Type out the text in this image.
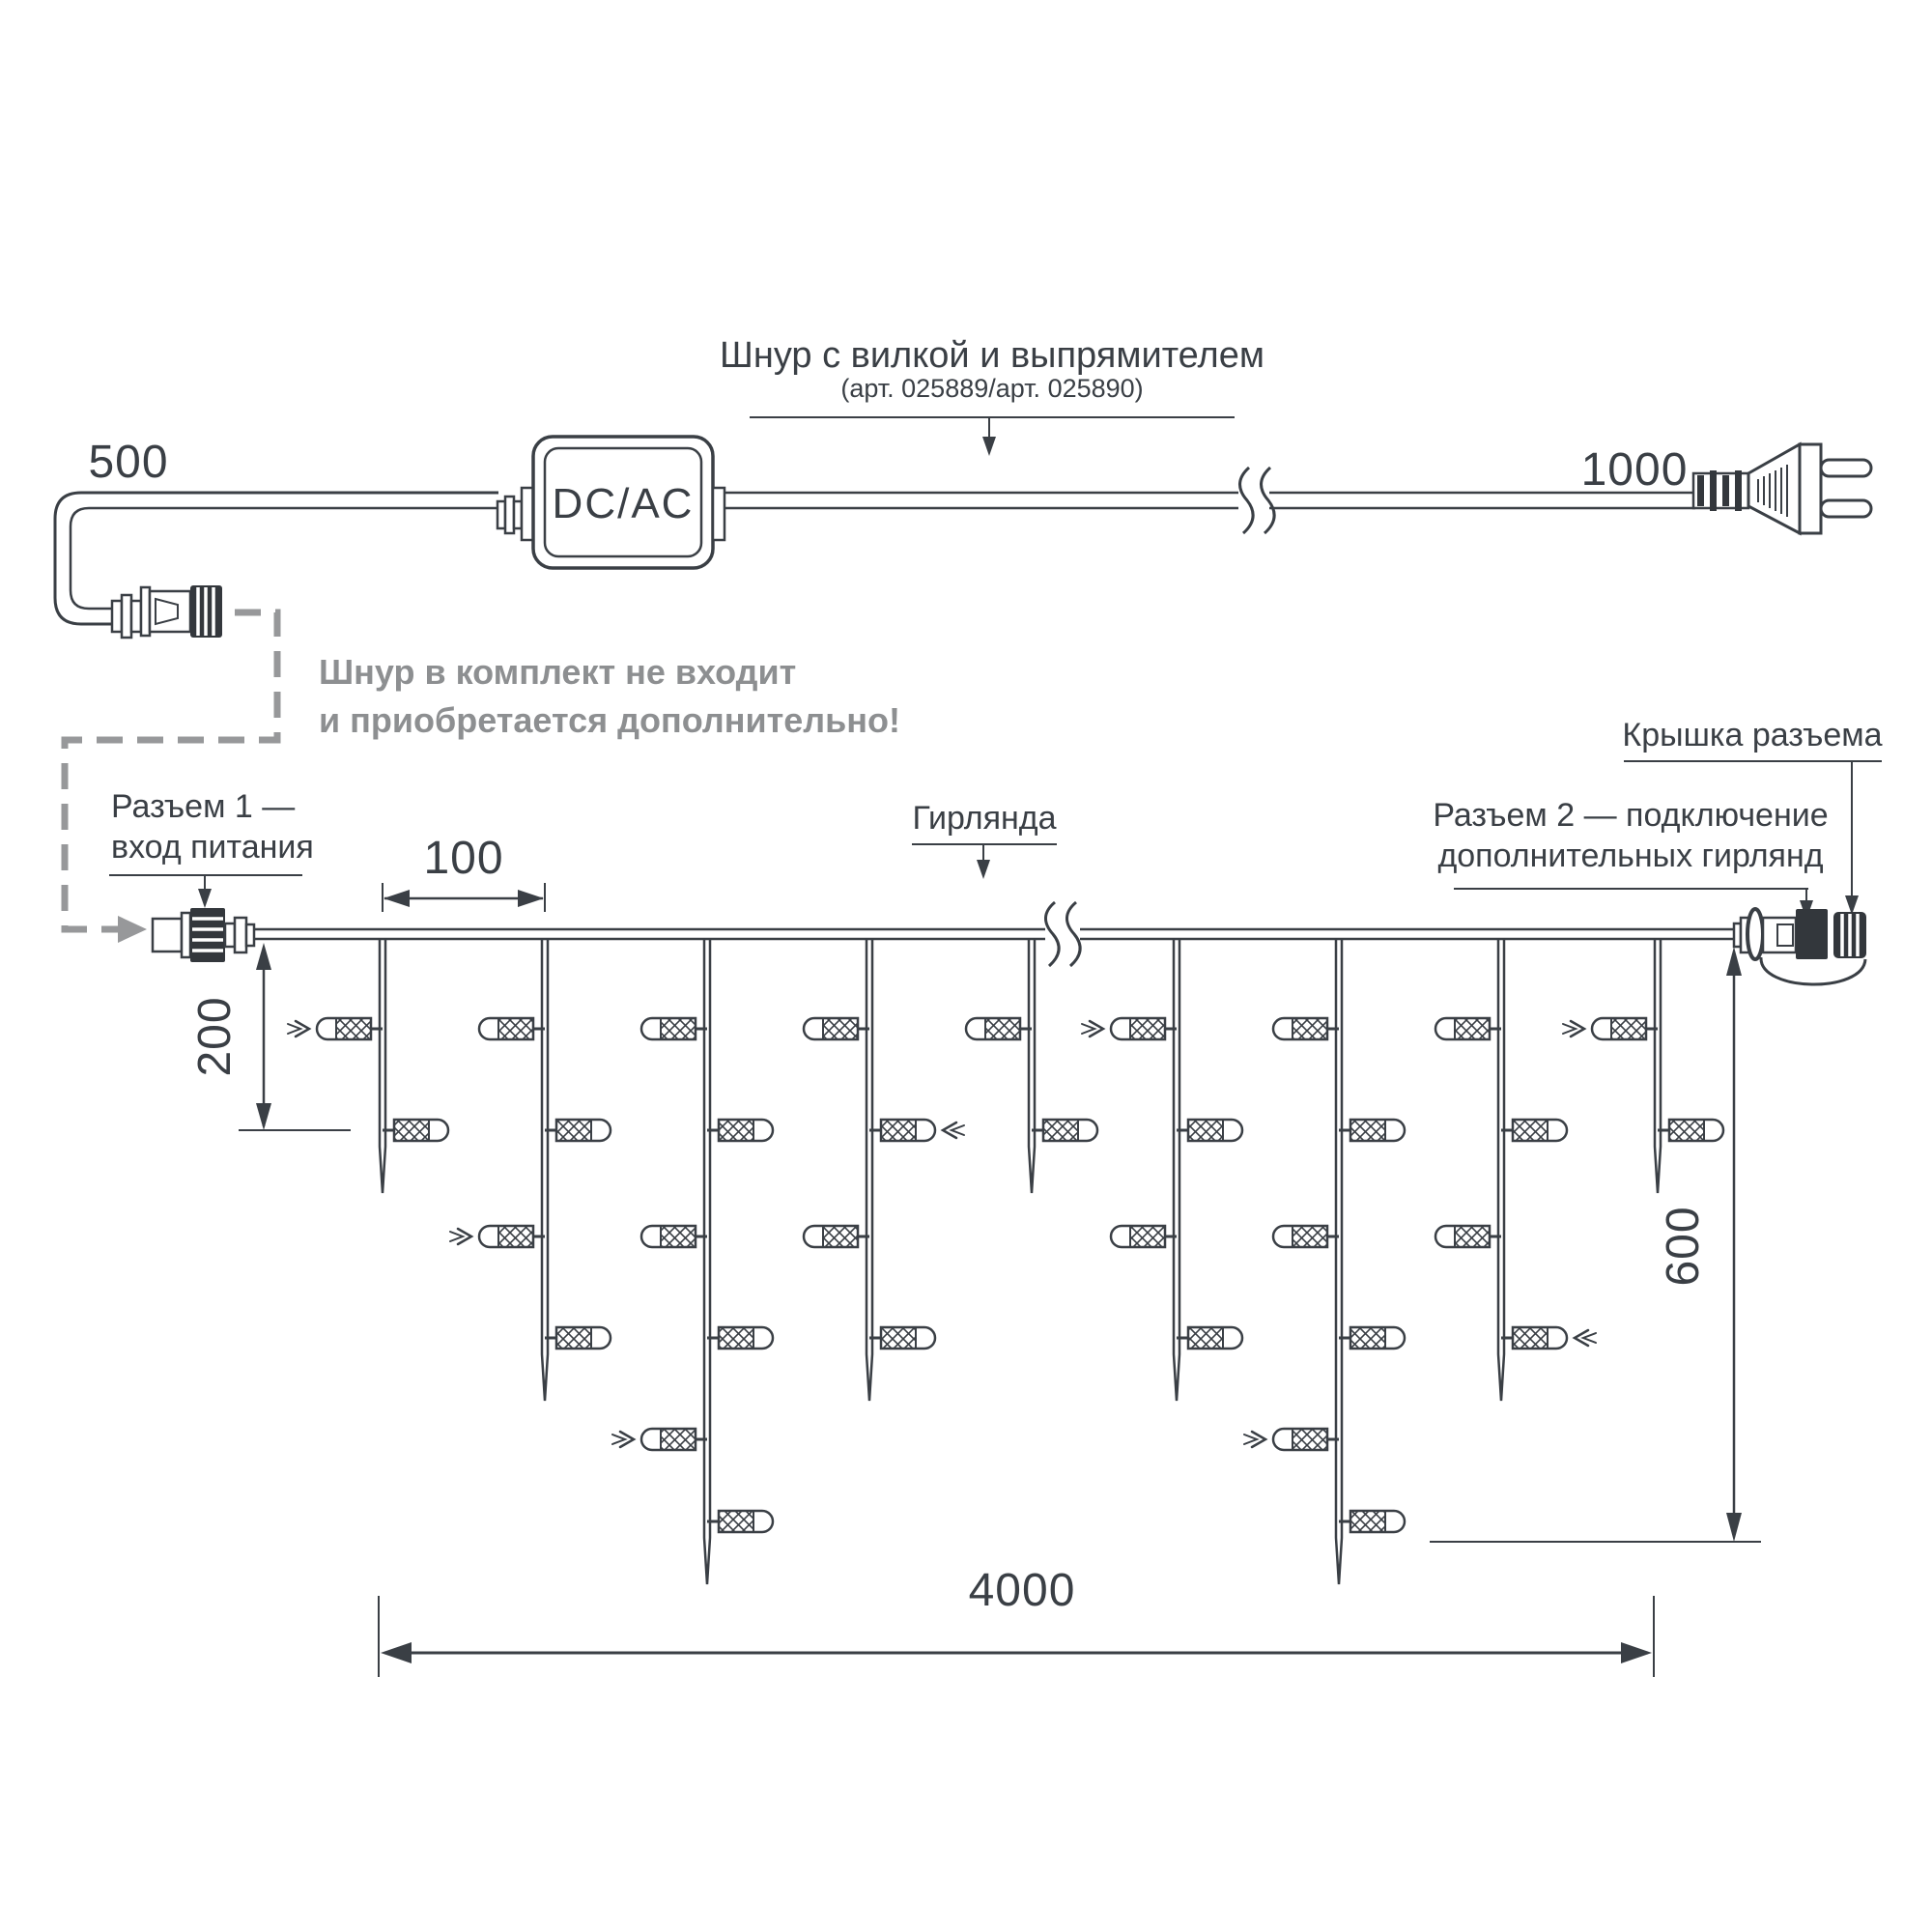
Шнур с вилкой и выпрямителем
(арт. 025889/арт. 025890)
500	1000
DC/AC
Шнур в комплект не входит
и приобретается дополнительно!
Разъем 1 —
вход питания
Гирлянда	Разъем 2 — подключение
дополнительных гирлянд
Крышка разъема
100
200
600
4000
